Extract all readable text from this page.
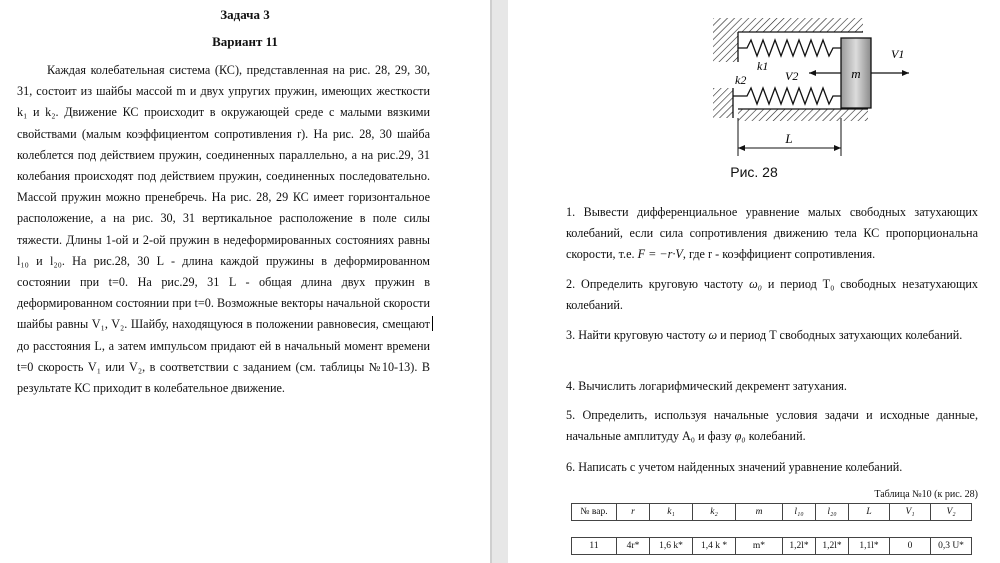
Задача 3
Вариант 11
Каждая колебательная система (КС), представленная на рис. 28, 29, 30, 31, состоит из шайбы массой m и двух упругих пружин, имеющих жесткости k₁ и k₂. Движение КС происходит в окружающей среде с малыми вязкими свойствами (малым коэффициентом сопротивления r). На рис. 28, 30 шайба колеблется под действием пружин, соединенных параллельно, а на рис.29, 31 колебания происходят под действием пружин, соединенных последовательно. Массой пружин можно пренебречь. На рис. 28, 29 КС имеет горизонтальное расположение, а на рис. 30, 31 вертикальное расположение в поле силы тяжести. Длины 1-ой и 2-ой пружин в недеформированных состояниях равны l₁₀ и l₂₀. На рис.28, 30 L - длина каждой пружины в деформированном состоянии при t=0. На рис.29, 31 L - общая длина двух пружин в деформированном состоянии при t=0. Возможные векторы начальной скорости шайбы равны V₁, V₂. Шайбу, находящуюся в положении равновесия, смещают до расстояния L, а затем импульсом придают ей в начальный момент времени t=0 скорость V₁ или V₂, в соответствии с заданием (см. таблицы №10-13). В результате КС приходит в колебательное движение.
m
V1
V2
k1
k2
L
Рис. 28
1. Вывести дифференциальное уравнение малых свободных затухающих колебаний, если сила сопротивления движению тела КС пропорциональна скорости, т.е. F = −r·V, где r - коэффициент сопротивления.
2. Определить круговую частоту ω₀ и период T₀ свободных незатухающих колебаний.
3. Найти круговую частоту ω и период T свободных затухающих колебаний.
4. Вычислить логарифмический декремент затухания.
5. Определить, используя начальные условия задачи и исходные данные, начальные амплитуду A₀ и фазу φ₀ колебаний.
6. Написать с учетом найденных значений уравнение колебаний.
Таблица №10 (к рис. 28)
№ вар.	r	k₁	k₂	m	l₁₀	l₂₀	L	V₁	V₂
11	4r*	1,6 k*	1,4 k *	m*	1,2l*	1,2l*	1,1l*	0	0,3 U*
